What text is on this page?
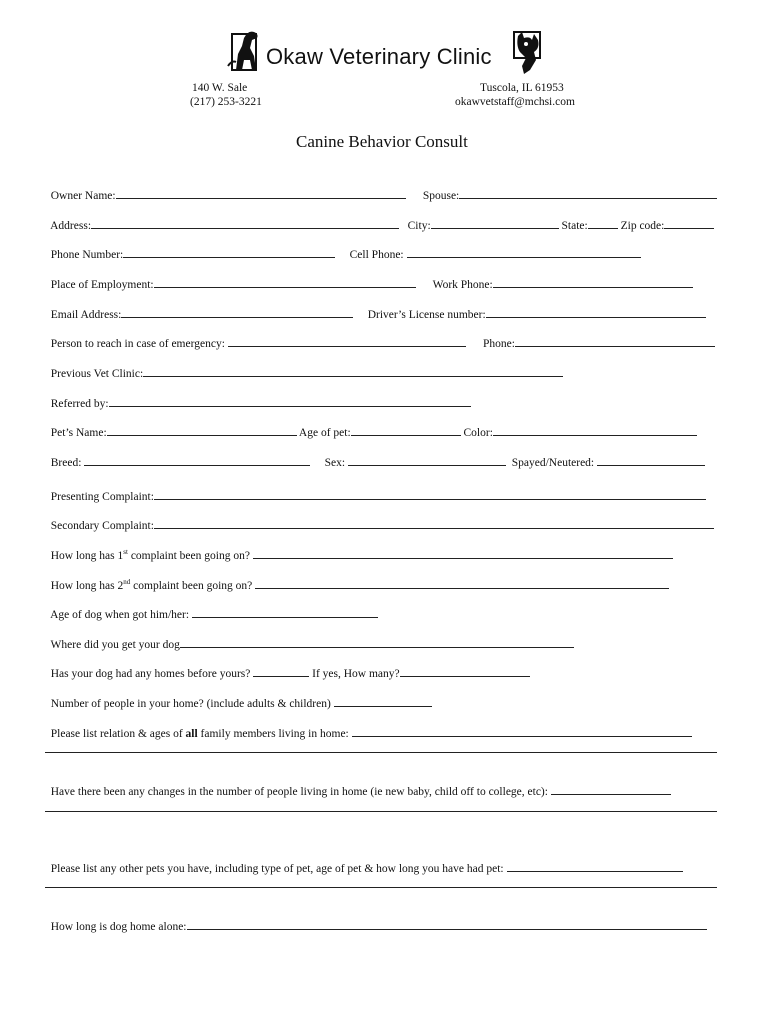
Okaw Veterinary Clinic
140 W. Sale
(217) 253-3221
Tuscola, IL 61953
okawvetstaff@mchsi.com
Canine Behavior Consult

Owner Name:	Spouse:

Address:	City:	State:	Zip code:

Phone Number:	Cell Phone:

Place of Employment:	Work Phone:

Email Address:	Driver’s License number:

Person to reach in case of emergency:	Phone:

Previous Vet Clinic:

Referred by:

Pet’s Name:	Age of pet:	Color:

Breed:	Sex:	Spayed/Neutered:

Presenting Complaint:

Secondary Complaint:

How long has 1st complaint been going on?

How long has 2nd complaint been going on?

Age of dog when got him/her:

Where did you get your dog

Has your dog had any homes before yours?	If yes, How many?

Number of people in your home? (include adults & children)

Please list relation & ages of all family members living in home:

Have there been any changes in the number of people living in home (ie new baby, child off to college, etc):

Please list any other pets you have, including type of pet, age of pet & how long you have had pet:

How long is dog home alone:
